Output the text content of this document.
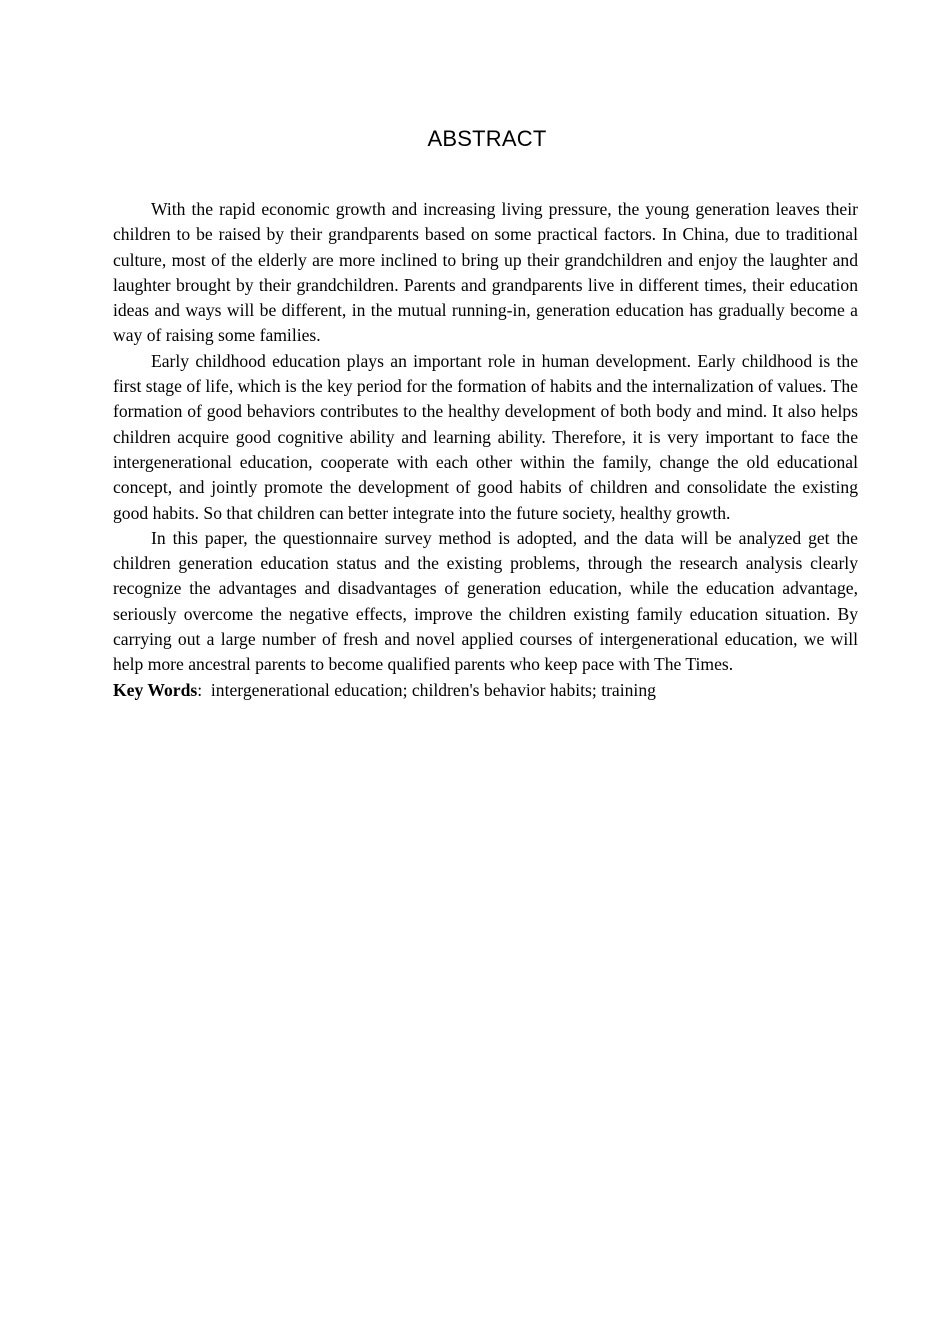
ABSTRACT

With the rapid economic growth and increasing living pressure, the young generation leaves their children to be raised by their grandparents based on some practical factors. In China, due to traditional culture, most of the elderly are more inclined to bring up their grandchildren and enjoy the laughter and laughter brought by their grandchildren. Parents and grandparents live in different times, their education ideas and ways will be different, in the mutual running-in, generation education has gradually become a way of raising some families.

Early childhood education plays an important role in human development. Early childhood is the first stage of life, which is the key period for the formation of habits and the internalization of values. The formation of good behaviors contributes to the healthy development of both body and mind. It also helps children acquire good cognitive ability and learning ability. Therefore, it is very important to face the intergenerational education, cooperate with each other within the family, change the old educational concept, and jointly promote the development of good habits of children and consolidate the existing good habits. So that children can better integrate into the future society, healthy growth.

In this paper, the questionnaire survey method is adopted, and the data will be analyzed get the children generation education status and the existing problems, through the research analysis clearly recognize the advantages and disadvantages of generation education, while the education advantage, seriously overcome the negative effects, improve the children existing family education situation. By carrying out a large number of fresh and novel applied courses of intergenerational education, we will help more ancestral parents to become qualified parents who keep pace with The Times.

Key Words:  intergenerational education; children's behavior habits; training
